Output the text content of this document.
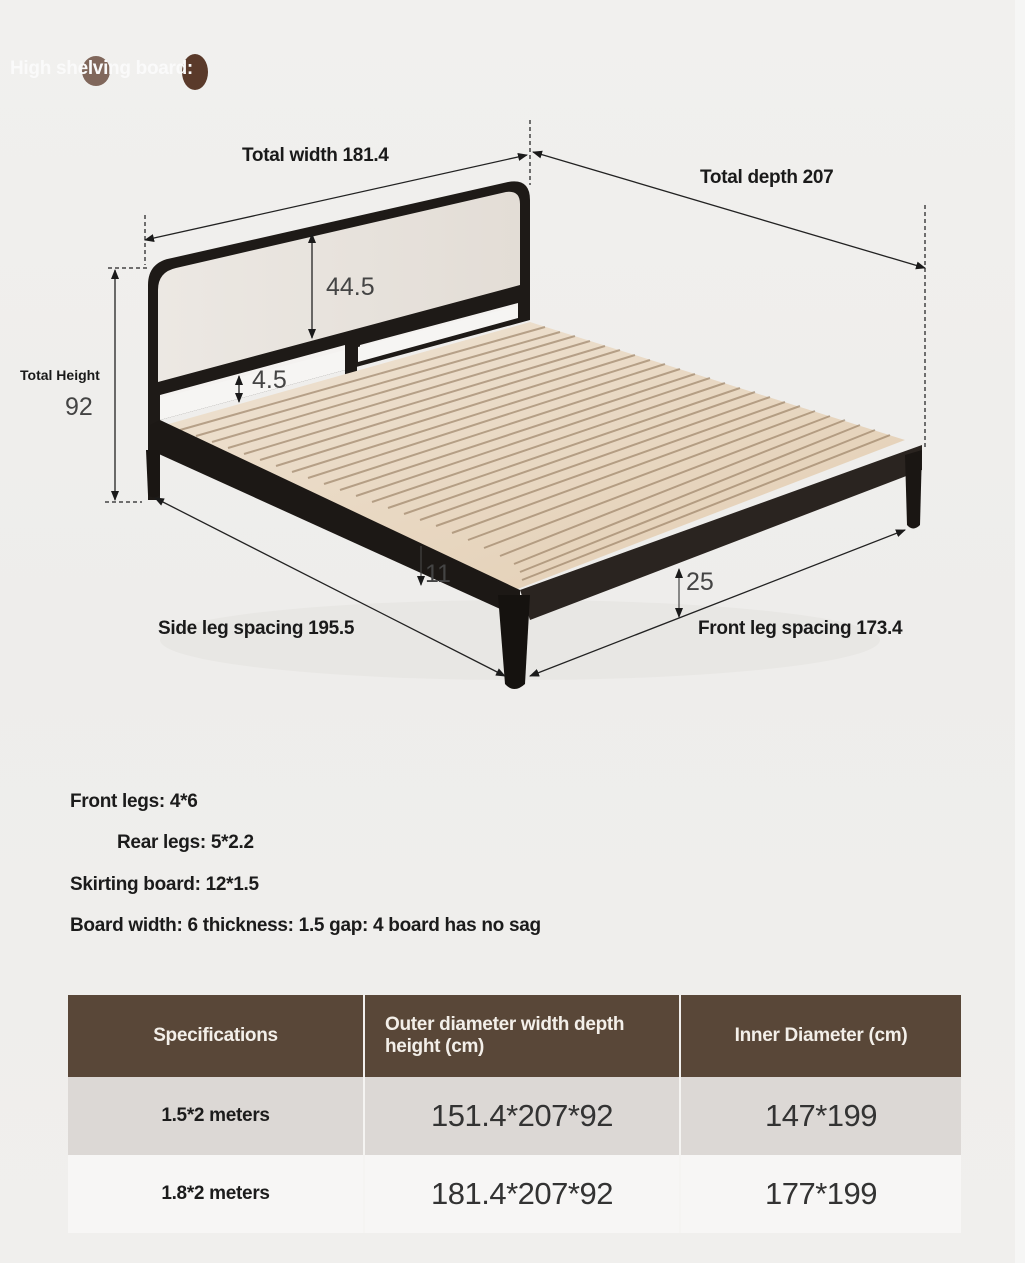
High shelving board:
Total width 181.4
Total depth 207
Total Height
92
44.5
4.5
11	25
Side leg spacing 195.5	Front leg spacing 173.4
Front legs: 4*6
Rear legs: 5*2.2
Skirting board: 12*1.5
Board width: 6 thickness: 1.5 gap: 4 board has no sag
Specifications	Outer diameter width depth height (cm)	Inner Diameter (cm)
1.5*2 meters	151.4*207*92	147*199
1.8*2 meters	181.4*207*92	177*199
